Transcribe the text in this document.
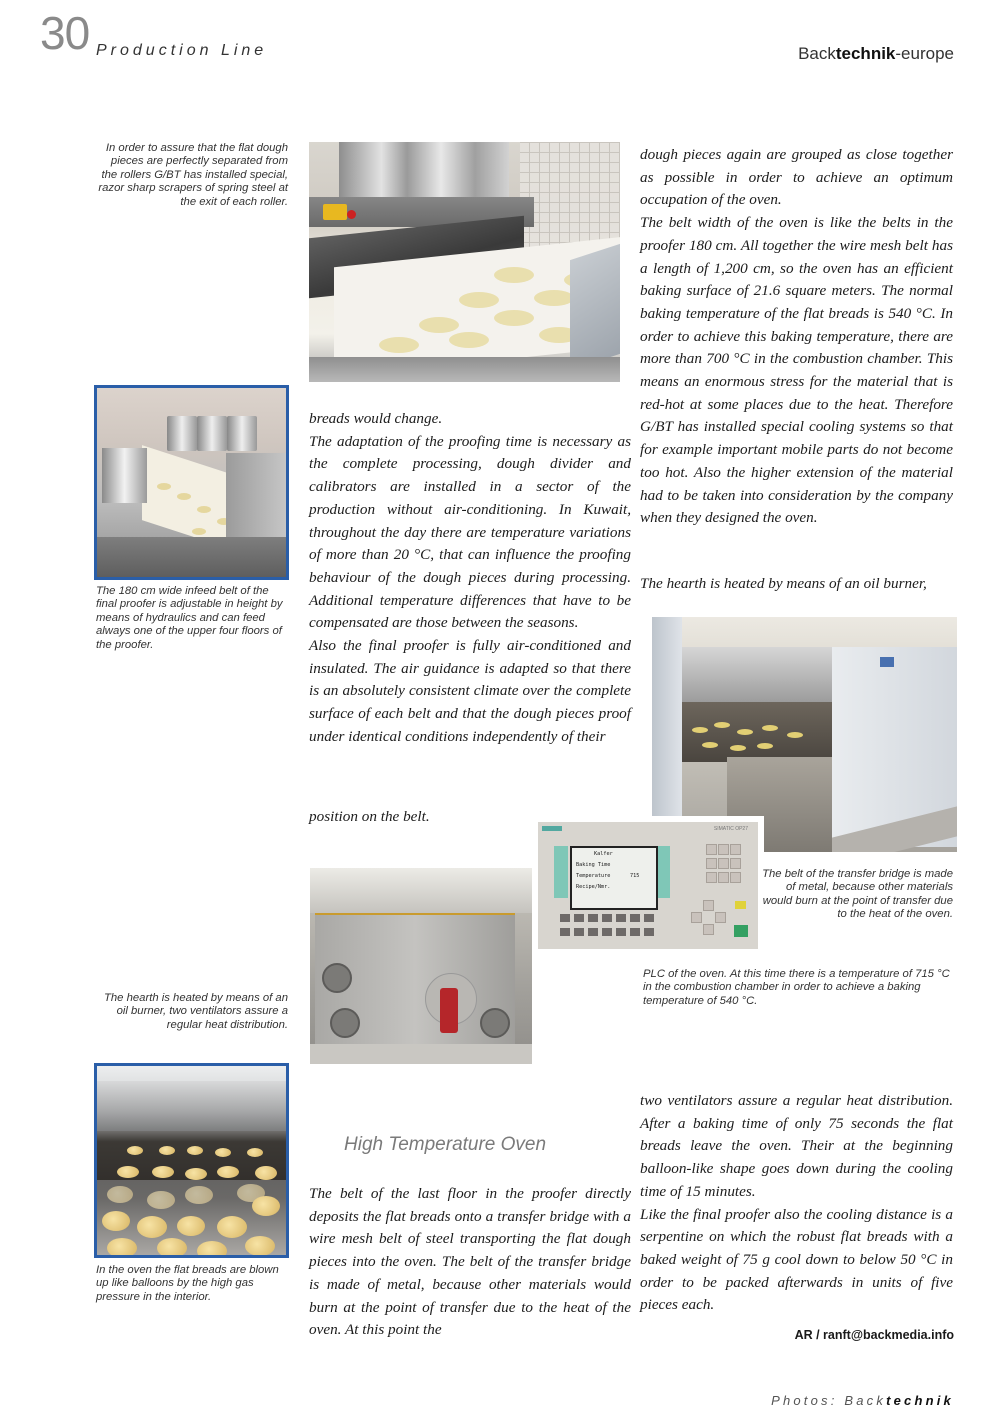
30 Production Line	Backtechnik-europe
In order to assure that the flat dough pieces are perfectly separated from the rollers G/BT has installed special, razor sharp scrapers of spring steel at the exit of each roller.
The 180 cm wide infeed belt of the final proofer is adjustable in height by means of hydraulics and can feed always one of the upper four floors of the proofer.

breads would change.

The adaptation of the proofing time is necessary as the complete processing, dough divider and calibrators are installed in a sector of the production without air-conditioning. In Kuwait, throughout the day there are temperature variations of more than 20 °C, that can influence the proofing behaviour of the dough pieces during processing. Additional temperature differences that have to be compensated are those between the seasons.

Also the final proofer is fully air-conditioned and insulated. The air guidance is adapted so that there is an absolutely consistent climate over the complete surface of each belt and that the dough pieces proof under identical conditions independently of their

position on the belt.

dough pieces again are grouped as close together as possible in order to achieve an optimum occupation of the oven.

The belt width of the oven is like the belts in the proofer 180 cm. All together the wire mesh belt has a length of 1,200 cm, so the oven has an efficient baking surface of 21.6 square meters. The normal baking temperature of the flat breads is 540 °C. In order to achieve this baking temperature, there are more than 700 °C in the combustion chamber. This means an enormous stress for the material that is red-hot at some places due to the heat. Therefore G/BT has installed special cooling systems so that for example important mobile parts do not become too hot. Also the higher extension of the material had to be taken into consideration by the company when they designed the oven.

The hearth is heated by means of an oil burner,
SIMATIC OP27
Kalfer
Baking Time
Temperature	715
Recipe/Nmr.
The belt of the transfer bridge is made of metal, because other materials would burn at the point of transfer due to the heat of the oven.
PLC of the oven. At this time there is a temperature of 715 °C in the combustion chamber in order to achieve a baking temperature of 540 °C.
The hearth is heated by means of an oil burner, two ventilators assure a regular heat distribution.
In the oven the flat breads are blown up like balloons by the high gas pressure in the interior.
High Temperature Oven

The belt of the last floor in the proofer directly deposits the flat breads onto a transfer bridge with a wire mesh belt of steel transporting the flat dough pieces into the oven. The belt of the transfer bridge is made of metal, because other materials would burn at the point of transfer due to the heat of the oven. At this point the

two ventilators assure a regular heat distribution. After a baking time of only 75 seconds the flat breads leave the oven. Their at the beginning balloon-like shape goes down during the cooling time of 15 minutes.

Like the final proofer also the cooling distance is a serpentine on which the robust flat breads with a baked weight of 75 g cool down to below 50 °C in order to be packed afterwards in units of five pieces each.

AR / ranft@backmedia.info
Photos: Backtechnik
